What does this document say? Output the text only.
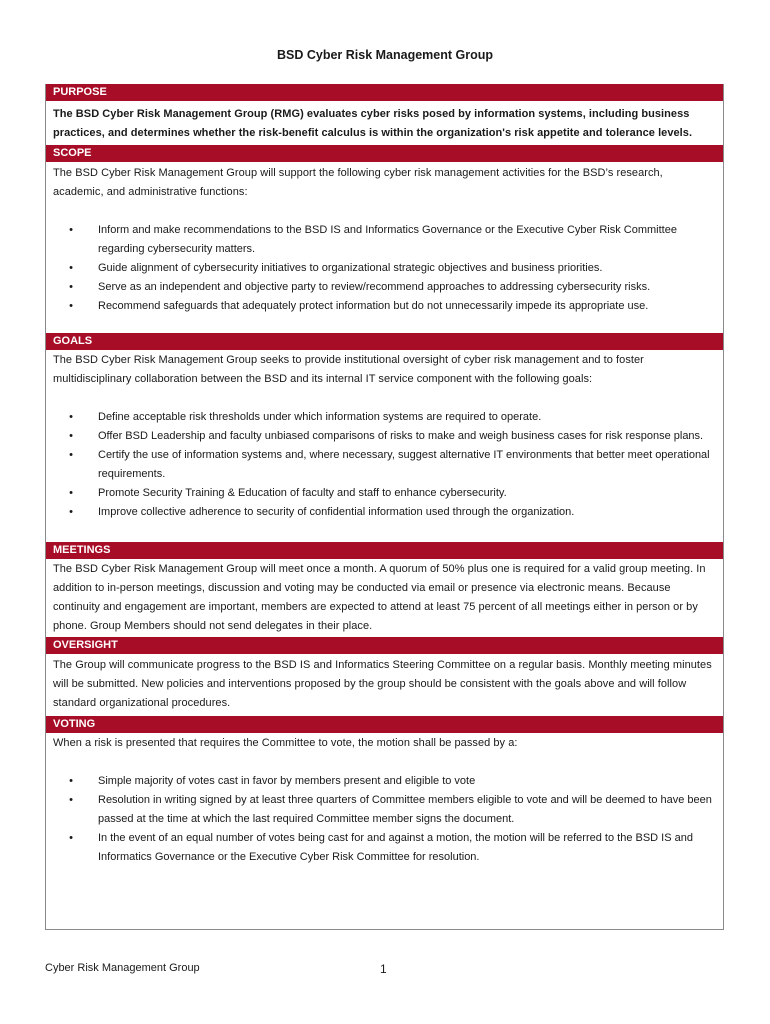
BSD Cyber Risk Management Group
PURPOSE
The BSD Cyber Risk Management Group (RMG) evaluates cyber risks posed by information systems, including business practices, and determines whether the risk-benefit calculus is within the organization's risk appetite and tolerance levels.
SCOPE
The BSD Cyber Risk Management Group will support the following cyber risk management activities for the BSD’s research, academic, and administrative functions:
• Inform and make recommendations to the BSD IS and Informatics Governance or the Executive Cyber Risk Committee regarding cybersecurity matters.
• Guide alignment of cybersecurity initiatives to organizational strategic objectives and business priorities.
• Serve as an independent and objective party to review/recommend approaches to addressing cybersecurity risks.
• Recommend safeguards that adequately protect information but do not unnecessarily impede its appropriate use.
GOALS
The BSD Cyber Risk Management Group seeks to provide institutional oversight of cyber risk management and to foster multidisciplinary collaboration between the BSD and its internal IT service component with the following goals:
• Define acceptable risk thresholds under which information systems are required to operate.
• Offer BSD Leadership and faculty unbiased comparisons of risks to make and weigh business cases for risk response plans.
• Certify the use of information systems and, where necessary, suggest alternative IT environments that better meet operational requirements.
• Promote Security Training & Education of faculty and staff to enhance cybersecurity.
• Improve collective adherence to security of confidential information used through the organization.
MEETINGS
The BSD Cyber Risk Management Group will meet once a month. A quorum of 50% plus one is required for a valid group meeting. In addition to in-person meetings, discussion and voting may be conducted via email or presence via electronic means. Because continuity and engagement are important, members are expected to attend at least 75 percent of all meetings either in person or by phone. Group Members should not send delegates in their place.
OVERSIGHT
The Group will communicate progress to the BSD IS and Informatics Steering Committee on a regular basis. Monthly meeting minutes will be submitted. New policies and interventions proposed by the group should be consistent with the goals above and will follow standard organizational procedures.
VOTING
When a risk is presented that requires the Committee to vote, the motion shall be passed by a:
• Simple majority of votes cast in favor by members present and eligible to vote
• Resolution in writing signed by at least three quarters of Committee members eligible to vote and will be deemed to have been passed at the time at which the last required Committee member signs the document.
• In the event of an equal number of votes being cast for and against a motion, the motion will be referred to the BSD IS and Informatics Governance or the Executive Cyber Risk Committee for resolution.
Cyber Risk Management Group	1
